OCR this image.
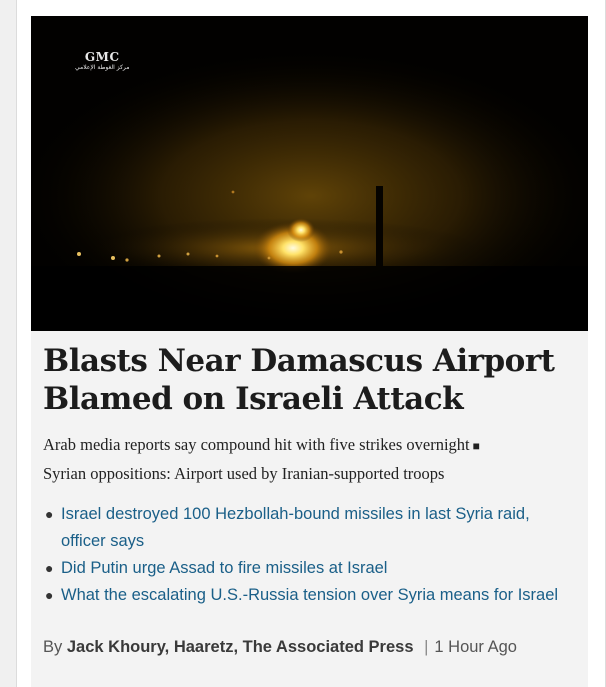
GMC
مركز الغوطة الإعلامي
Blasts Near Damascus Airport Blamed on Israeli Attack
Arab media reports say compound hit with five strikes overnight ■
Syrian oppositions: Airport used by Iranian-supported troops
● Israel destroyed 100 Hezbollah-bound missiles in last Syria raid, officer says
● Did Putin urge Assad to fire missiles at Israel
● What the escalating U.S.-Russia tension over Syria means for Israel
By Jack Khoury, Haaretz, The Associated Press | 1 Hour Ago
